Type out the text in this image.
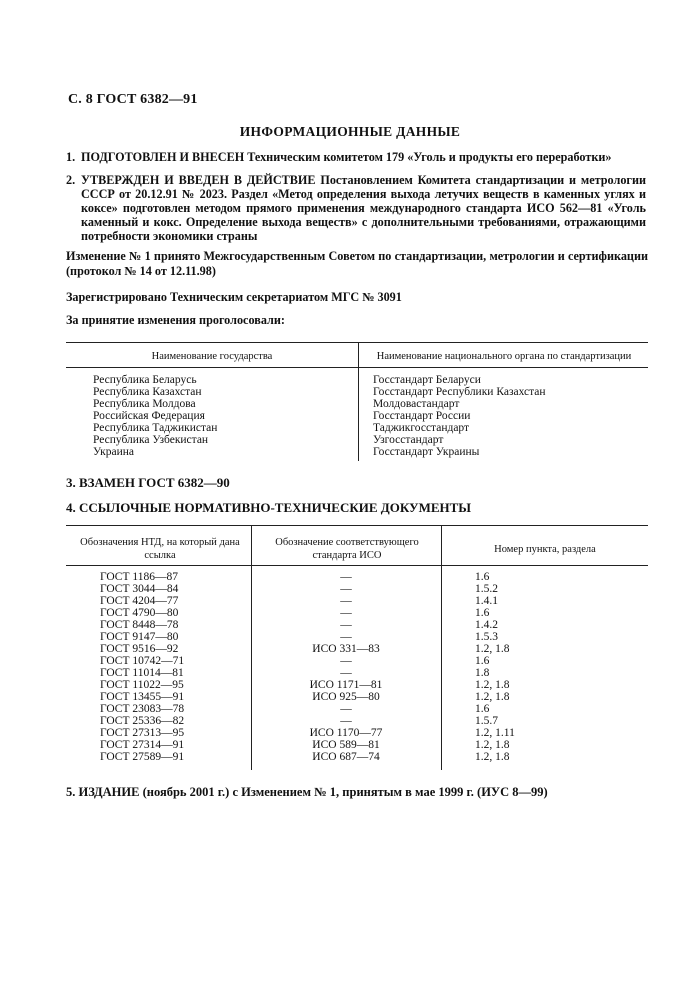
С. 8 ГОСТ 6382—91
ИНФОРМАЦИОННЫЕ ДАННЫЕ
1. ПОДГОТОВЛЕН И ВНЕСЕН Техническим комитетом 179 «Уголь и продукты его переработки»
2. УТВЕРЖДЕН И ВВЕДЕН В ДЕЙСТВИЕ Постановлением Комитета стандартизации и метрологии СССР от 20.12.91 № 2023. Раздел «Метод определения выхода летучих веществ в каменных углях и коксе» подготовлен методом прямого применения международного стандарта ИСО 562—81 «Уголь каменный и кокс. Определение выхода веществ» с дополнительными требованиями, отражающими потребности экономики страны
Изменение № 1 принято Межгосударственным Советом по стандартизации, метрологии и сертификации (протокол № 14 от 12.11.98)
Зарегистрировано Техническим секретариатом МГС № 3091
За принятие изменения проголосовали:
Наименование государства	Наименование национального органа по стандартизации
Республика Беларусь
Республика Казахстан
Республика Молдова
Российская Федерация
Республика Таджикистан
Республика Узбекистан
Украина
Госстандарт Беларуси
Госстандарт Республики Казахстан
Молдовастандарт
Госстандарт России
Таджикгосстандарт
Узгосстандарт
Госстандарт Украины
3. ВЗАМЕН ГОСТ 6382—90
4. ССЫЛОЧНЫЕ НОРМАТИВНО-ТЕХНИЧЕСКИЕ ДОКУМЕНТЫ
Обозначения НТД, на который дана ссылка
Обозначение соответствующего стандарта ИСО
Номер пункта, раздела
ГОСТ 1186—87
ГОСТ 3044—84
ГОСТ 4204—77
ГОСТ 4790—80
ГОСТ 8448—78
ГОСТ 9147—80
ГОСТ 9516—92
ГОСТ 10742—71
ГОСТ 11014—81
ГОСТ 11022—95
ГОСТ 13455—91
ГОСТ 23083—78
ГОСТ 25336—82
ГОСТ 27313—95
ГОСТ 27314—91
ГОСТ 27589—91
—
—
—
—
—
—
ИСО 331—83
—
—
ИСО 1171—81
ИСО 925—80
—
—
ИСО 1170—77
ИСО 589—81
ИСО 687—74
1.6
1.5.2
1.4.1
1.6
1.4.2
1.5.3
1.2, 1.8
1.6
1.8
1.2, 1.8
1.2, 1.8
1.6
1.5.7
1.2, 1.11
1.2, 1.8
1.2, 1.8
5. ИЗДАНИЕ (ноябрь 2001 г.) с Изменением № 1, принятым в мае 1999 г. (ИУС 8—99)
